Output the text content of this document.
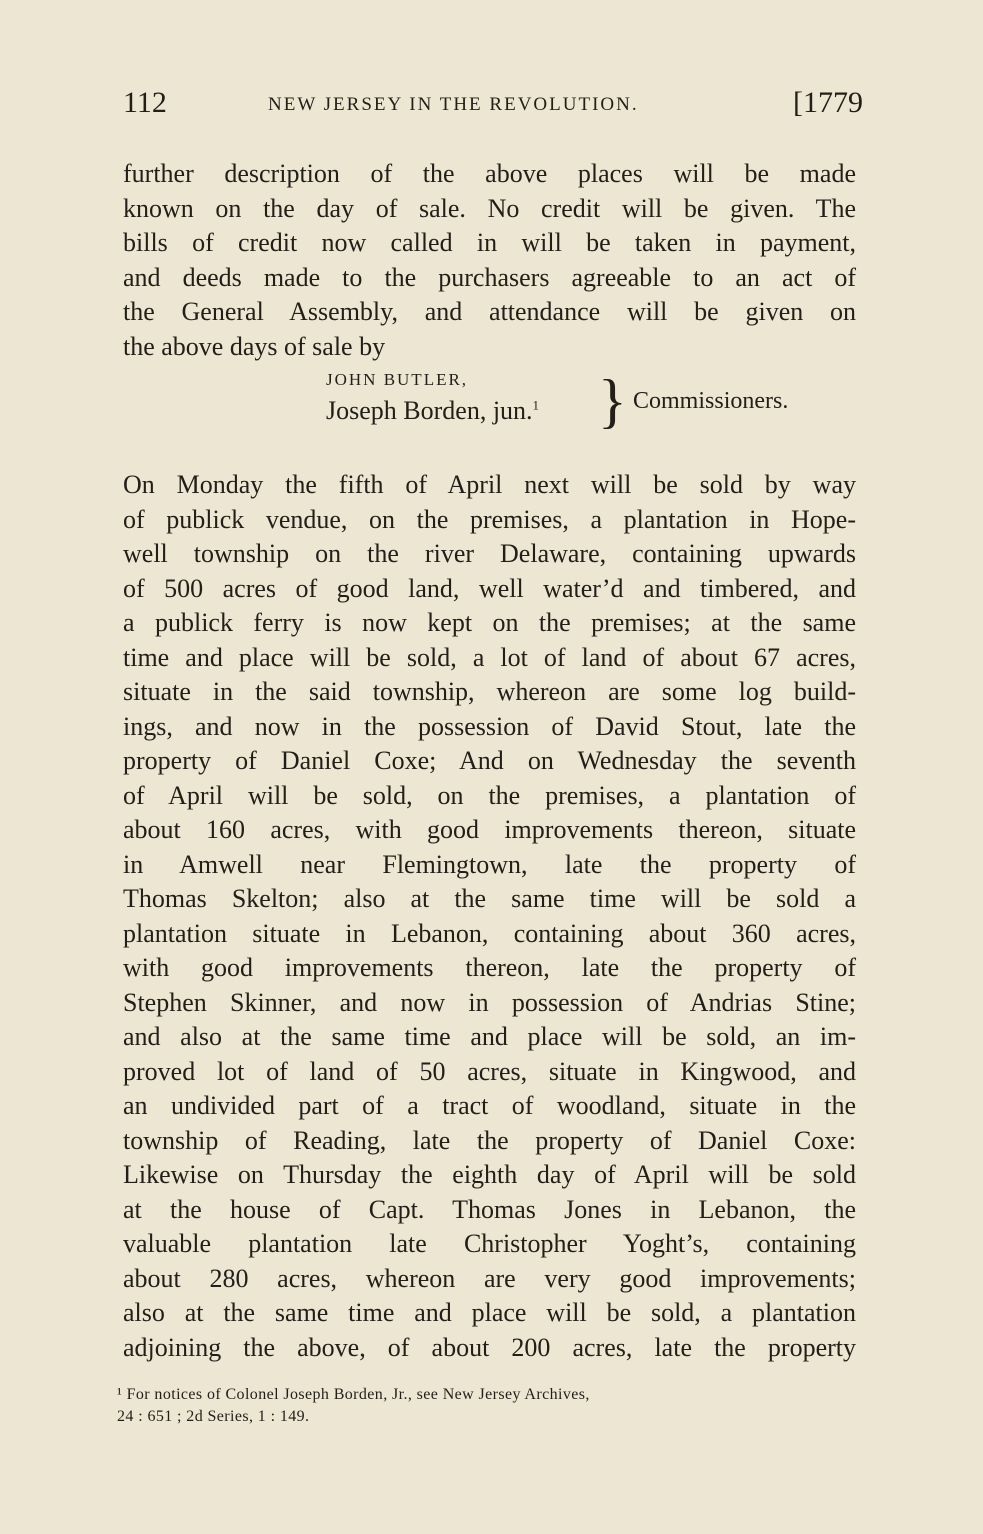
112	NEW JERSEY IN THE REVOLUTION.	[1779
further description of the above places will be made
known on the day of sale. No credit will be given. The
bills of credit now called in will be taken in payment,
and deeds made to the purchasers agreeable to an act of
the General Assembly, and attendance will be given on
the above days of sale by
JOHN BUTLER,
Joseph Borden, jun.$^1$ } Commissioners.
On Monday the fifth of April next will be sold by way
of publick vendue, on the premises, a plantation in Hope-
well township on the river Delaware, containing upwards
of 500 acres of good land, well water’d and timbered, and
a publick ferry is now kept on the premises; at the same
time and place will be sold, a lot of land of about 67 acres,
situate in the said township, whereon are some log build-
ings, and now in the possession of David Stout, late the
property of Daniel Coxe; And on Wednesday the seventh
of April will be sold, on the premises, a plantation of
about 160 acres, with good improvements thereon, situate
in Amwell near Flemingtown, late the property of
Thomas Skelton; also at the same time will be sold a
plantation situate in Lebanon, containing about 360 acres,
with good improvements thereon, late the property of
Stephen Skinner, and now in possession of Andrias Stine;
and also at the same time and place will be sold, an im-
proved lot of land of 50 acres, situate in Kingwood, and
an undivided part of a tract of woodland, situate in the
township of Reading, late the property of Daniel Coxe:
Likewise on Thursday the eighth day of April will be sold
at the house of Capt. Thomas Jones in Lebanon, the
valuable plantation late Christopher Yoght’s, containing
about 280 acres, whereon are very good improvements;
also at the same time and place will be sold, a plantation
adjoining the above, of about 200 acres, late the property
¹ For notices of Colonel Joseph Borden, Jr., see New Jersey Archives,
24 : 651 ; 2d Series, 1 : 149.
